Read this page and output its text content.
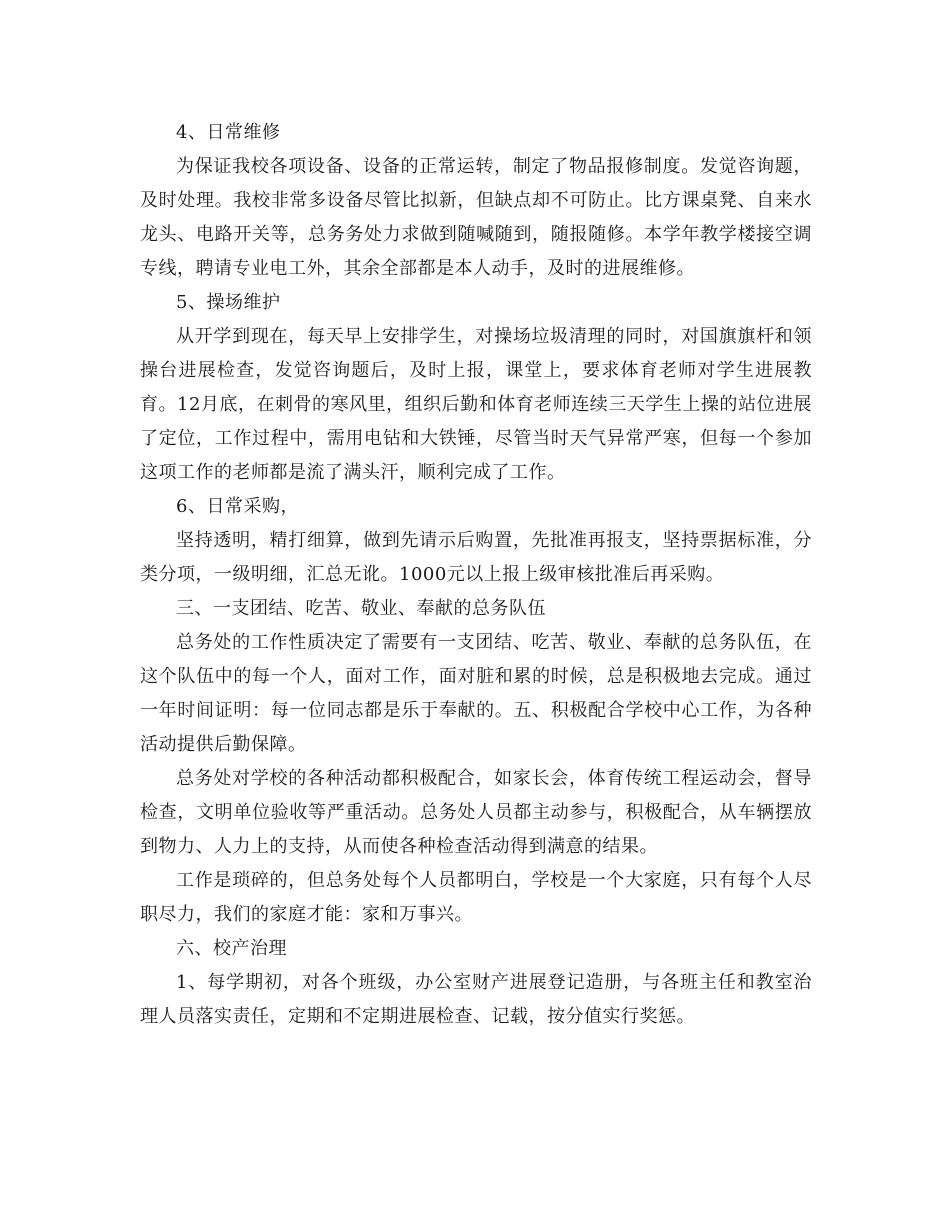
4、日常维修

为保证我校各项设备、设备的正常运转，制定了物品报修制度。发觉咨询题，及时处理。我校非常多设备尽管比拟新，但缺点却不可防止。比方课桌凳、自来水龙头、电路开关等，总务务处力求做到随喊随到，随报随修。本学年教学楼接空调专线，聘请专业电工外，其余全部都是本人动手，及时的进展维修。

5、操场维护

从开学到现在，每天早上安排学生，对操场垃圾清理的同时，对国旗旗杆和领操台进展检查，发觉咨询题后，及时上报，课堂上，要求体育老师对学生进展教育。12月底，在刺骨的寒风里，组织后勤和体育老师连续三天学生上操的站位进展了定位，工作过程中，需用电钻和大铁锤，尽管当时天气异常严寒，但每一个参加这项工作的老师都是流了满头汗，顺利完成了工作。

6、日常采购，

坚持透明，精打细算，做到先请示后购置，先批准再报支，坚持票据标准，分类分项，一级明细，汇总无讹。1000元以上报上级审核批准后再采购。

三、一支团结、吃苦、敬业、奉献的总务队伍

总务处的工作性质决定了需要有一支团结、吃苦、敬业、奉献的总务队伍，在这个队伍中的每一个人，面对工作，面对脏和累的时候，总是积极地去完成。通过一年时间证明：每一位同志都是乐于奉献的。五、积极配合学校中心工作，为各种活动提供后勤保障。

总务处对学校的各种活动都积极配合，如家长会，体育传统工程运动会，督导检查，文明单位验收等严重活动。总务处人员都主动参与，积极配合，从车辆摆放到物力、人力上的支持，从而使各种检查活动得到满意的结果。

工作是琐碎的，但总务处每个人员都明白，学校是一个大家庭，只有每个人尽职尽力，我们的家庭才能：家和万事兴。

六、校产治理

1、每学期初，对各个班级，办公室财产进展登记造册，与各班主任和教室治理人员落实责任，定期和不定期进展检查、记载，按分值实行奖惩。
